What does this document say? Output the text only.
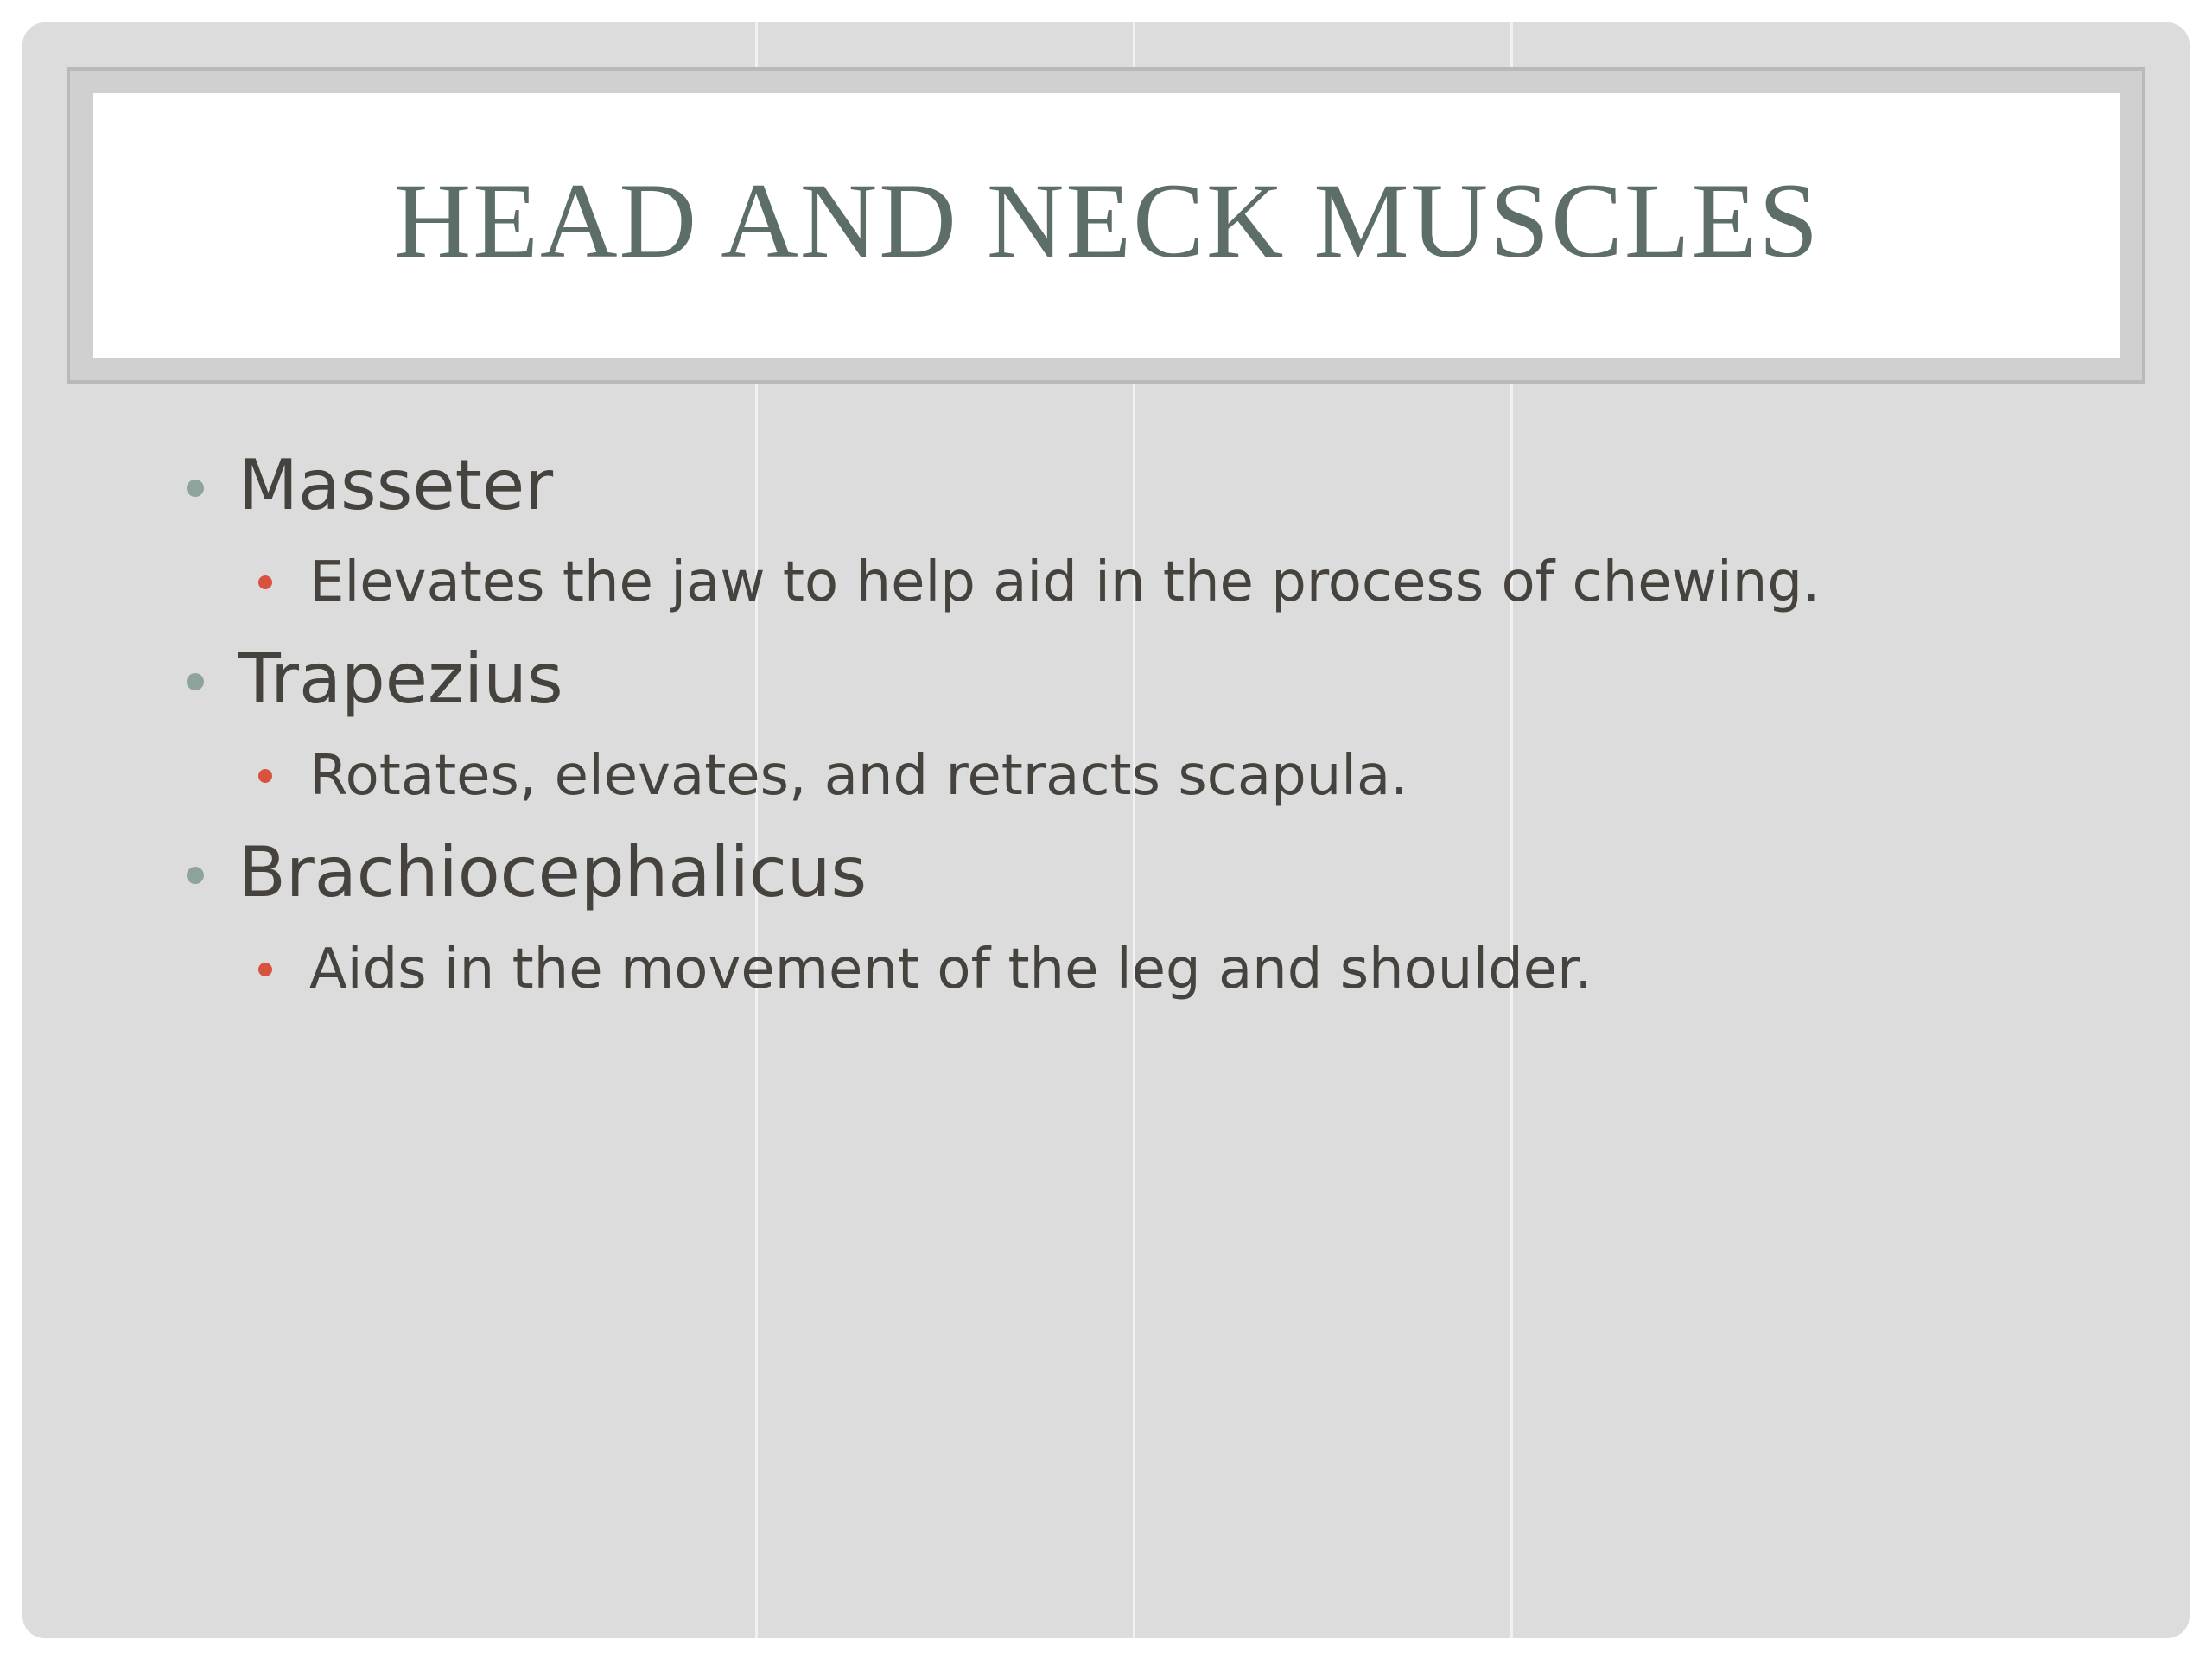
HEAD AND NECK MUSCLES
Masseter
Elevates the jaw to help aid in the process of chewing.
Trapezius
Rotates, elevates, and retracts scapula.
Brachiocephalicus
Aids in the movement of the leg and shoulder.
